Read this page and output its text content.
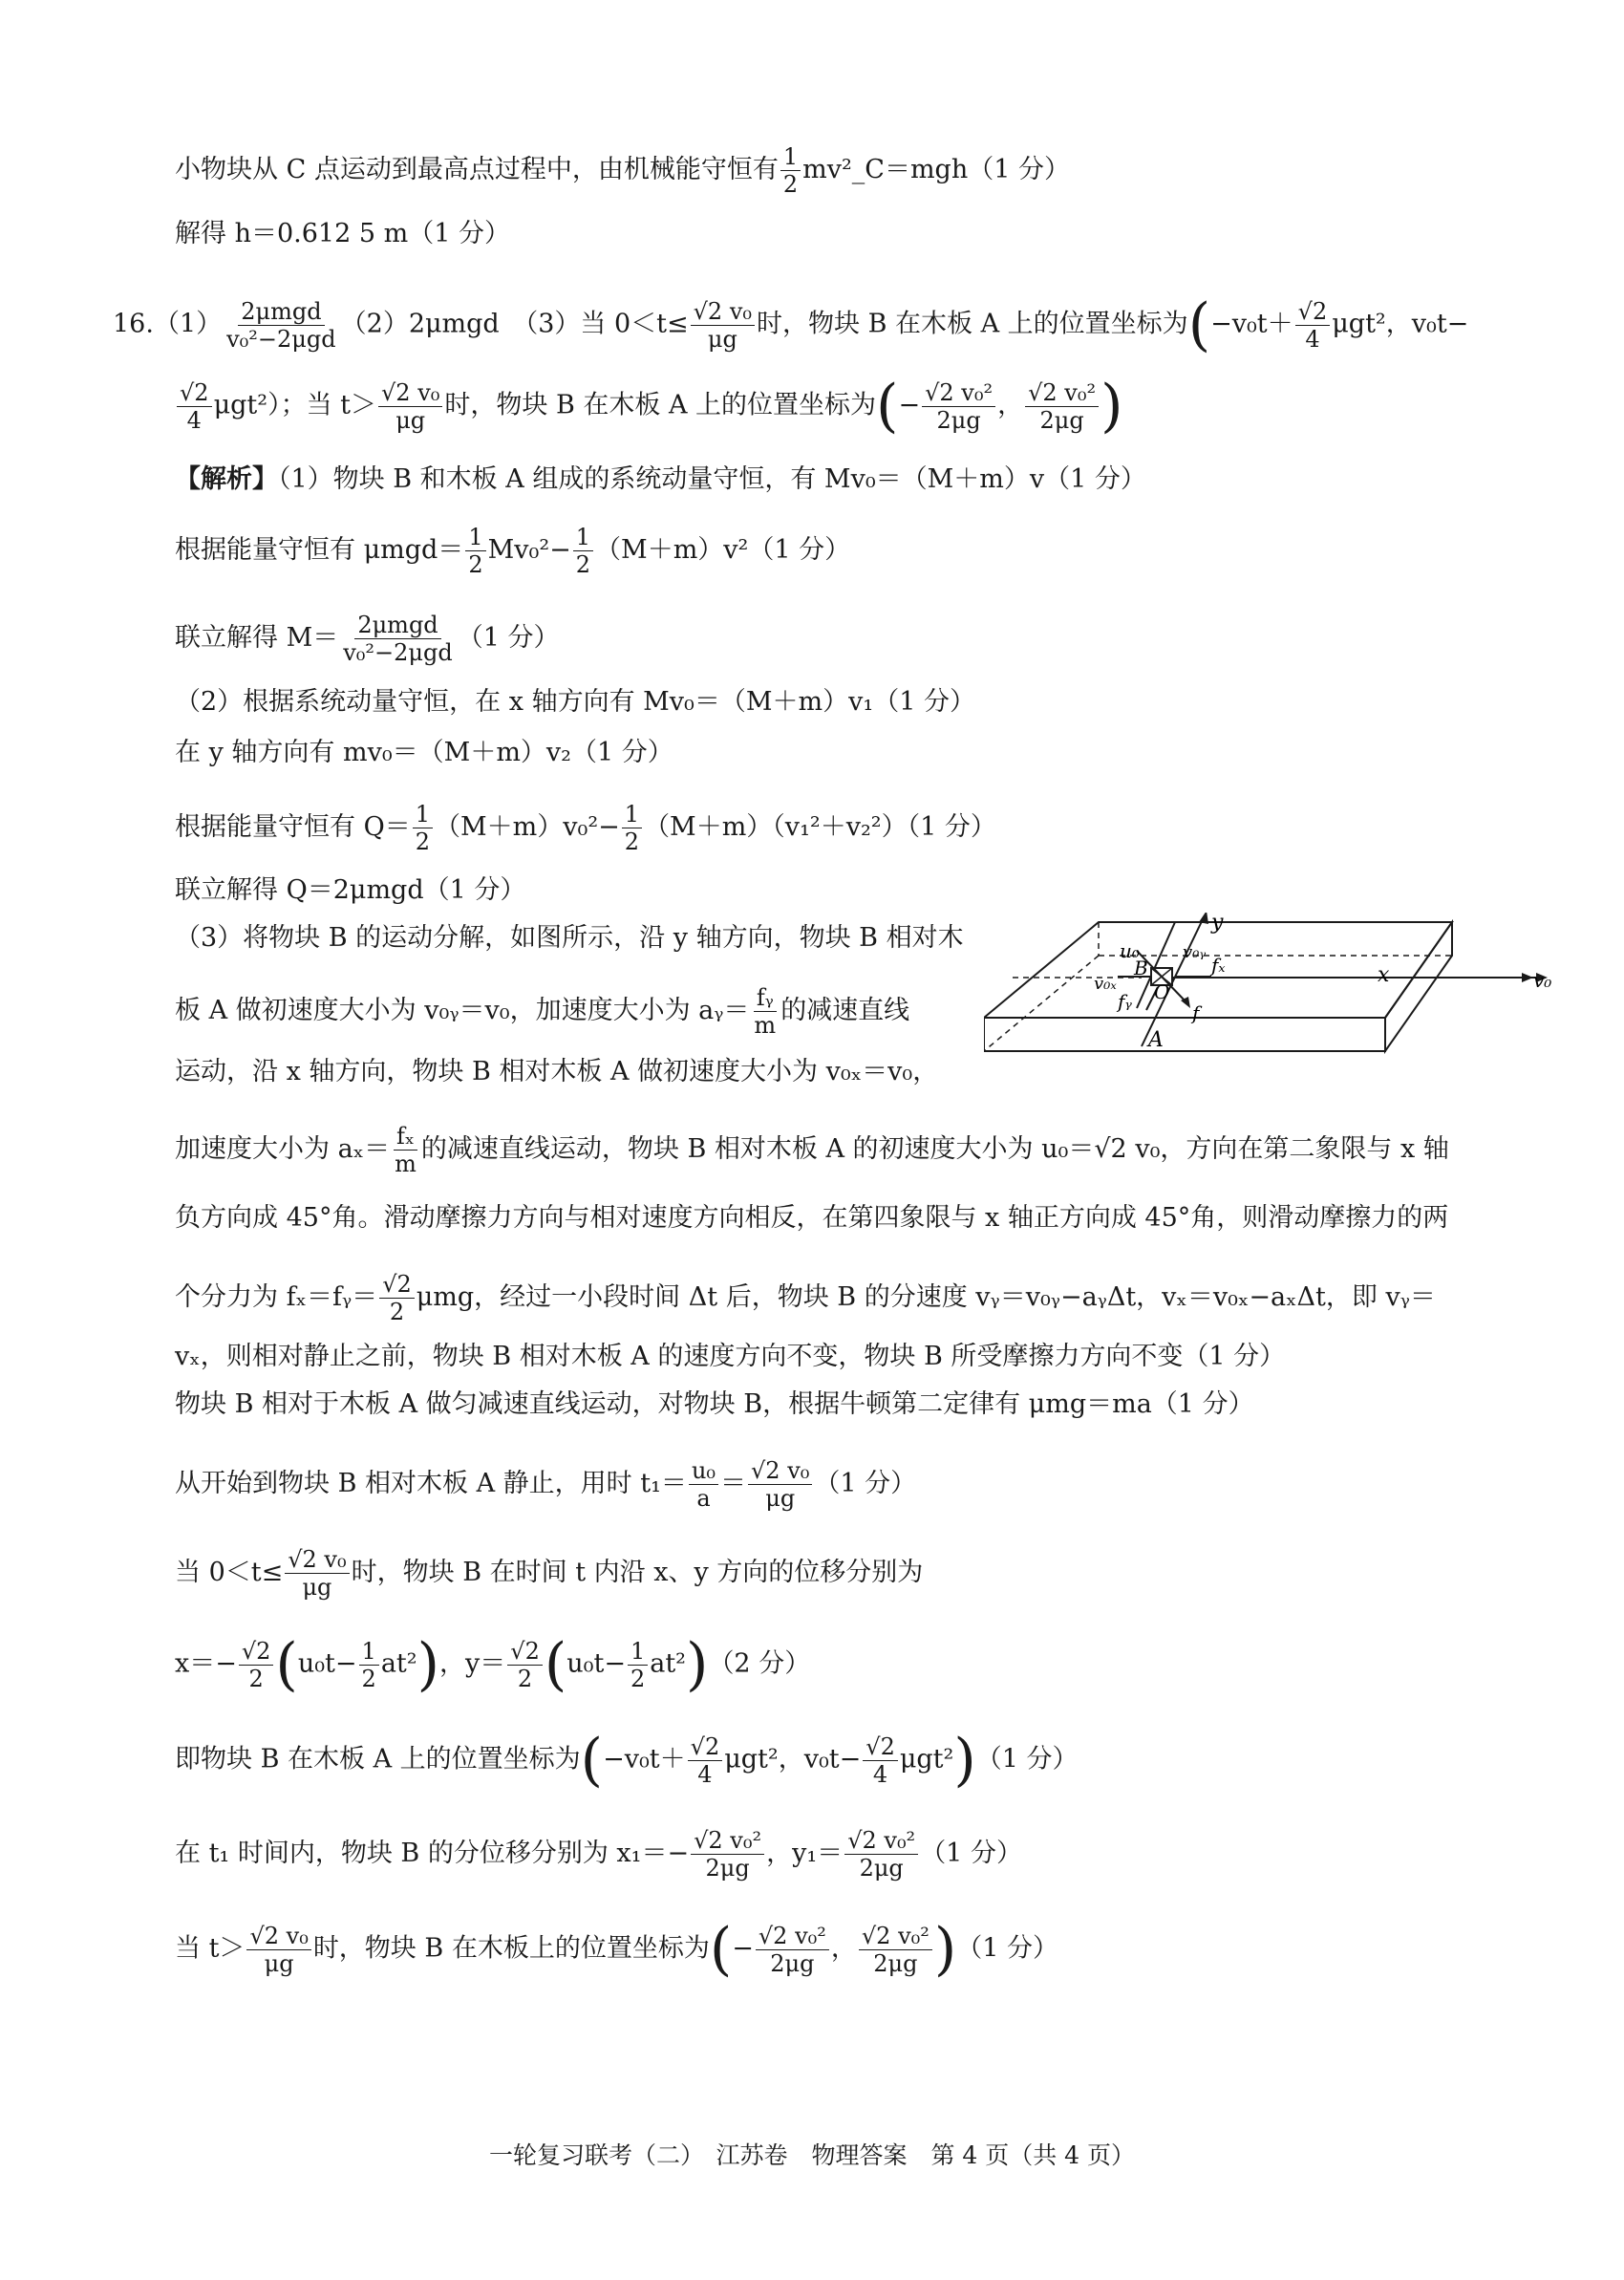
小物块从 C 点运动到最高点过程中，由机械能守恒有 $\frac{1}{2}$ mv²_C＝mgh（1 分）
解得 h＝0.612 5 m（1 分）
$16.(1) \frac{\text{2μmgd}}{\text{v₀²−2μgd}} (2)2\mu mgd$　（3）当 $0<t\le \frac{\text{√2 v₀}}{\mu g}$ 时，物块 B 在木板 A 上的位置坐标为($-v_0t+ \frac{√2}{4} \mu gt^2$，v₀t−
$\frac{√2}{4} \mu gt^2$）；当 $t> \frac{\text{√2 v₀}}{\mu g}$ 时，物块 B 在木板 A 上的位置坐标为(− $\frac{\text{√2 v₀²}}{2\mu g}$ ， $\frac{\text{√2 v₀²}}{2\mu g}$ )
【解析】（1）物块 B 和木板 A 组成的系统动量守恒，有 Mv₀＝（M＋m）v（1 分）
根据能量守恒有 $\mu mgd= \frac{1}{2} Mv_0^2- \frac{1}{2} (M+m)v^2(1$ 分）
联立解得 $M= \frac{\text{2μmgd}}{\text{v₀²−2μgd}} (1$ 分）
（2）根据系统动量守恒，在 x 轴方向有 Mv₀＝（M＋m）v₁（1 分）
在 y 轴方向有 mv₀＝（M＋m）v₂（1 分）
根据能量守恒有 $Q= \frac{1}{2} (M+m)v_0^2- \frac{1}{2} (M+m)(v_1^2+v_2^2)(1$ 分）
联立解得 Q＝2μmgd（1 分）
（3）将物块 B 的运动分解，如图所示，沿 y 轴方向，物块 B 相对木
板 A 做初速度大小为 v₀ᵧ＝v₀，加速度大小为 aᵧ＝ $\frac{\text{fᵧ}}{m}$ 的减速直线
运动，沿 x 轴方向，物块 B 相对木板 A 做初速度大小为 v₀ₓ＝v₀，
y
u₀
B
v₀ᵧ
fₓ	x	v₀
v₀ₓ O
fᵧ	f
A
加速度大小为 $a_x= \frac{\text{fₓ}}{m}$ 的减速直线运动，物块 B 相对木板 A 的初速度大小为 u₀＝√2 v₀，方向在第二象限与 x 轴
负方向成 45°角。滑动摩擦力方向与相对速度方向相反，在第四象限与 x 轴正方向成 45°角，则滑动摩擦力的两
个分力为 fₓ＝fᵧ＝ $\frac{√2}{2}$ μmg，经过一小段时间 Δt 后，物块 B 的分速度 vᵧ＝v₀ᵧ−aᵧΔt，vₓ＝v₀ₓ−aₓΔt，即 vᵧ＝
vₓ，则相对静止之前，物块 B 相对木板 A 的速度方向不变，物块 B 所受摩擦力方向不变（1 分）
物块 B 相对于木板 A 做匀减速直线运动，对物块 B，根据牛顿第二定律有 μmg＝ma（1 分）
从开始到物块 B 相对木板 A 静止，用时 $t_1= \frac{\text{u₀}}{a} = \frac{\text{√2 v₀}}{\mu g} (1$ 分）
当 $0<t\le \frac{\text{√2 v₀}}{\mu g}$ 时，物块 B 在时间 t 内沿 x、y 方向的位移分别为
$x=- \frac{√2}{2} (u_0t- \frac{1}{2} at^2)$，$y= \frac{√2}{2} (u_0t- \frac{1}{2} at^2)(2$ 分）
即物块 B 在木板 A 上的位置坐标为($-v_0t+ \frac{√2}{4} \mu gt^2$，$v_0t- \frac{√2}{4} \mu gt^2)(1$ 分）
在 t₁ 时间内，物块 B 的分位移分别为 $x_1=- \frac{\text{√2 v₀²}}{2\mu g}$ ，$y_1= \frac{\text{√2 v₀²}}{2\mu g} (1$ 分）
当 $t> \frac{\text{√2 v₀}}{\mu g}$ 时，物块 B 在木板上的位置坐标为(− $\frac{\text{√2 v₀²}}{2\mu g}$ ， $\frac{\text{√2 v₀²}}{2\mu g} )(1$ 分）
一轮复习联考（二）　江苏卷　物理答案　第 4 页（共 4 页）
